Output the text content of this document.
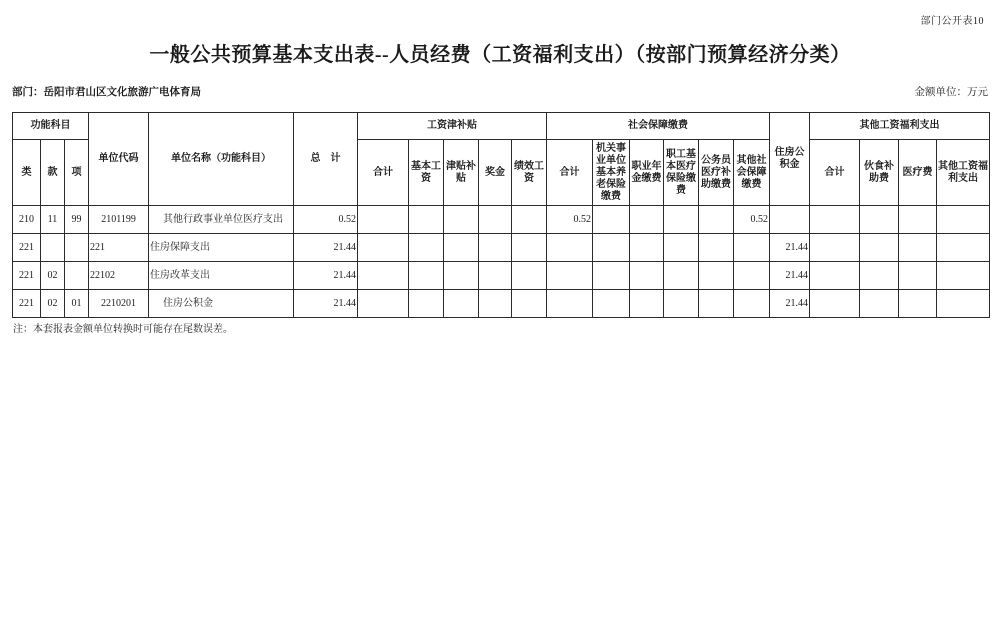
部门公开表10
一般公共预算基本支出表--人员经费（工资福利支出）（按部门预算经济分类）
部门：岳阳市君山区文化旅游广电体育局	金额单位：万元
功能科目			单位代码	单位名称（功能科目）	总　计	工资津补贴					社会保障缴费						住房公积金	其他工资福利支出			
类	款	项				合计	基本工资	津贴补贴	奖金	绩效工资	合计	机关事业单位基本养老保险缴费	职业年金缴费	职工基本医疗保险缴费	公务员医疗补助缴费	其他社会保障缴费		合计	伙食补助费	医疗费	其他工资福利支出
210	11	99	2101199	其他行政事业单位医疗支出	0.52						0.52					0.52					
221			221	住房保障支出	21.44												21.44				
221	02		22102	住房改革支出	21.44												21.44				
221	02	01	2210201	住房公积金	21.44												21.44				
注：本套报表金额单位转换时可能存在尾数误差。
